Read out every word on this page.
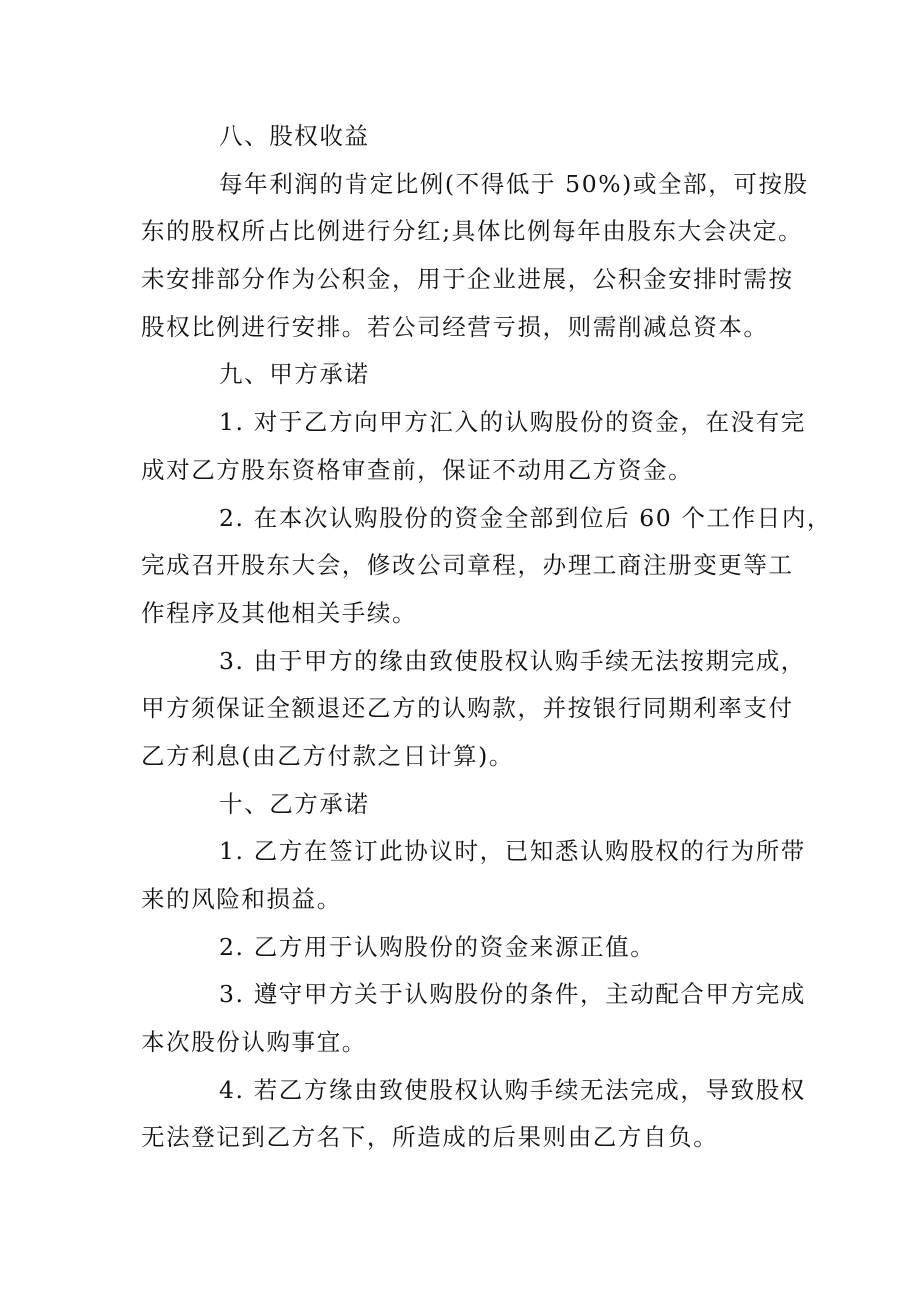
八、股权收益

每年利润的肯定比例(不得低于 50%)或全部，可按股

东的股权所占比例进行分红;具体比例每年由股东大会决定。

未安排部分作为公积金，用于企业进展，公积金安排时需按

股权比例进行安排。若公司经营亏损，则需削减总资本。

九、甲方承诺

1. 对于乙方向甲方汇入的认购股份的资金，在没有完

成对乙方股东资格审查前，保证不动用乙方资金。

2. 在本次认购股份的资金全部到位后 60 个工作日内，

完成召开股东大会，修改公司章程，办理工商注册变更等工

作程序及其他相关手续。

3. 由于甲方的缘由致使股权认购手续无法按期完成，

甲方须保证全额退还乙方的认购款，并按银行同期利率支付

乙方利息(由乙方付款之日计算)。

十、乙方承诺

1. 乙方在签订此协议时，已知悉认购股权的行为所带

来的风险和损益。

2. 乙方用于认购股份的资金来源正值。

3. 遵守甲方关于认购股份的条件，主动配合甲方完成

本次股份认购事宜。

4. 若乙方缘由致使股权认购手续无法完成，导致股权

无法登记到乙方名下，所造成的后果则由乙方自负。
